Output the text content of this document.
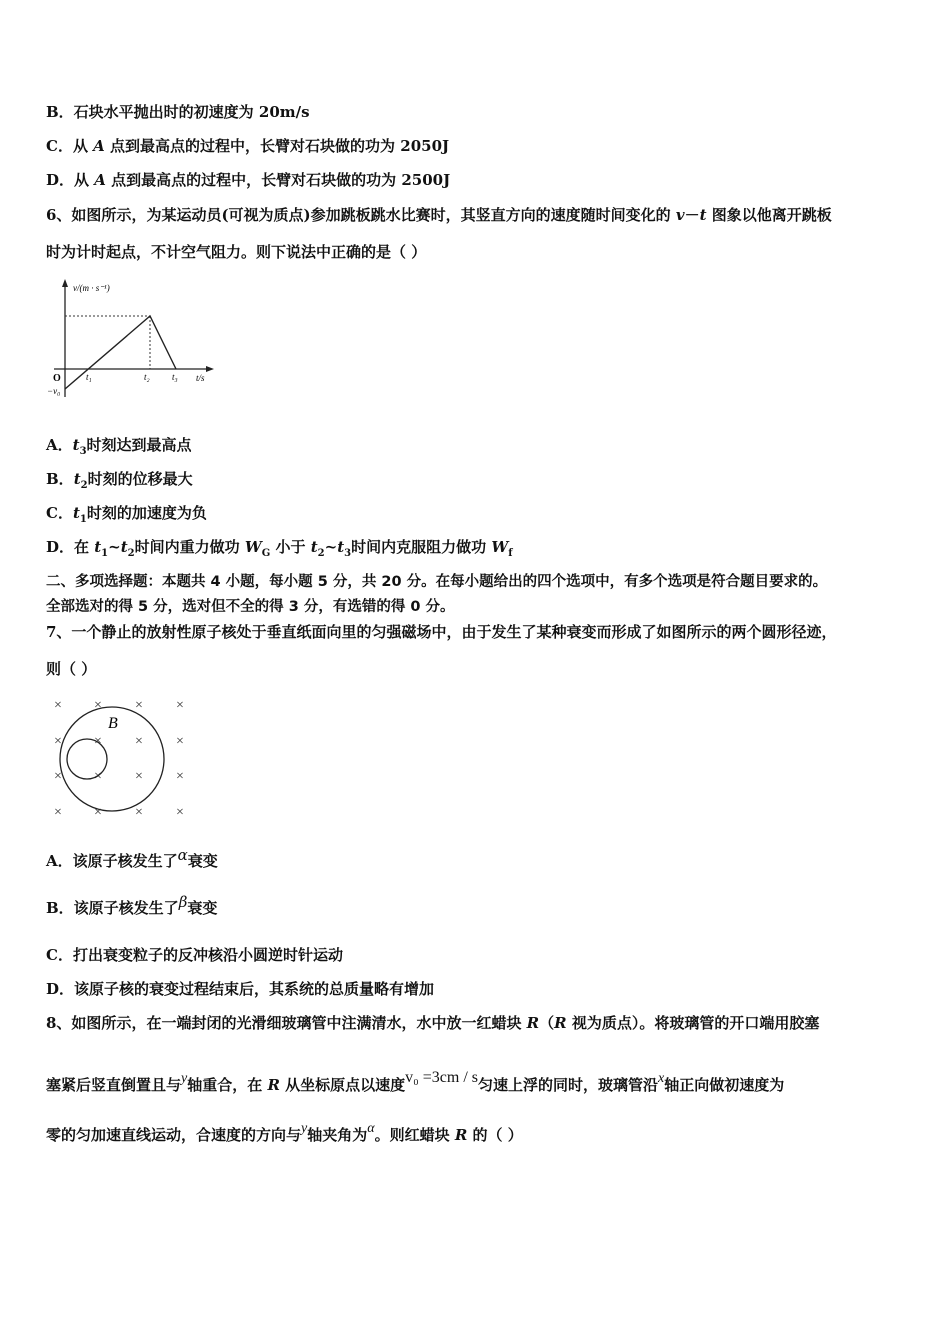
B．石块水平抛出时的初速度为 20m/s
C．从 A 点到最高点的过程中，长臂对石块做的功为 2050J
D．从 A 点到最高点的过程中，长臂对石块做的功为 2500J
6、如图所示，为某运动员(可视为质点)参加跳板跳水比赛时，其竖直方向的速度随时间变化的 v－t 图象以他离开跳板
时为计时起点，不计空气阻力。则下说法中正确的是（ ）
v/(m · s⁻¹)
O
−v₀
t₁	t₂ t₃ t/s
A．$t_3$时刻达到最高点
B．$t_2$时刻的位移最大
C．$t_1$时刻的加速度为负
D．在 $t_1\sim t_2$时间内重力做功 $W_G$ 小于 $t_2\sim t_3$时间内克服阻力做功 $W_f$
二、多项选择题：本题共 4 小题，每小题 5 分，共 20 分。在每小题给出的四个选项中，有多个选项是符合题目要求的。
全部选对的得 5 分，选对但不全的得 3 分，有选错的得 0 分。
7、一个静止的放射性原子核处于垂直纸面向里的匀强磁场中，由于发生了某种衰变而形成了如图所示的两个圆形径迹，
则（ ）
× × × ×
× × × ×
× × × ×
× × × ×
B
A．该原子核发生了α衰变
B．该原子核发生了β衰变
C．打出衰变粒子的反冲核沿小圆逆时针运动
D．该原子核的衰变过程结束后，其系统的总质量略有增加
8、如图所示，在一端封闭的光滑细玻璃管中注满清水，水中放一红蜡块 R（R 视为质点）。将玻璃管的开口端用胶塞
塞紧后竖直倒置且与y轴重合，在 R 从坐标原点以速度v₀ =3cm / s匀速上浮的同时，玻璃管沿x轴正向做初速度为
零的匀加速直线运动，合速度的方向与y轴夹角为α。则红蜡块 R 的（ ）
